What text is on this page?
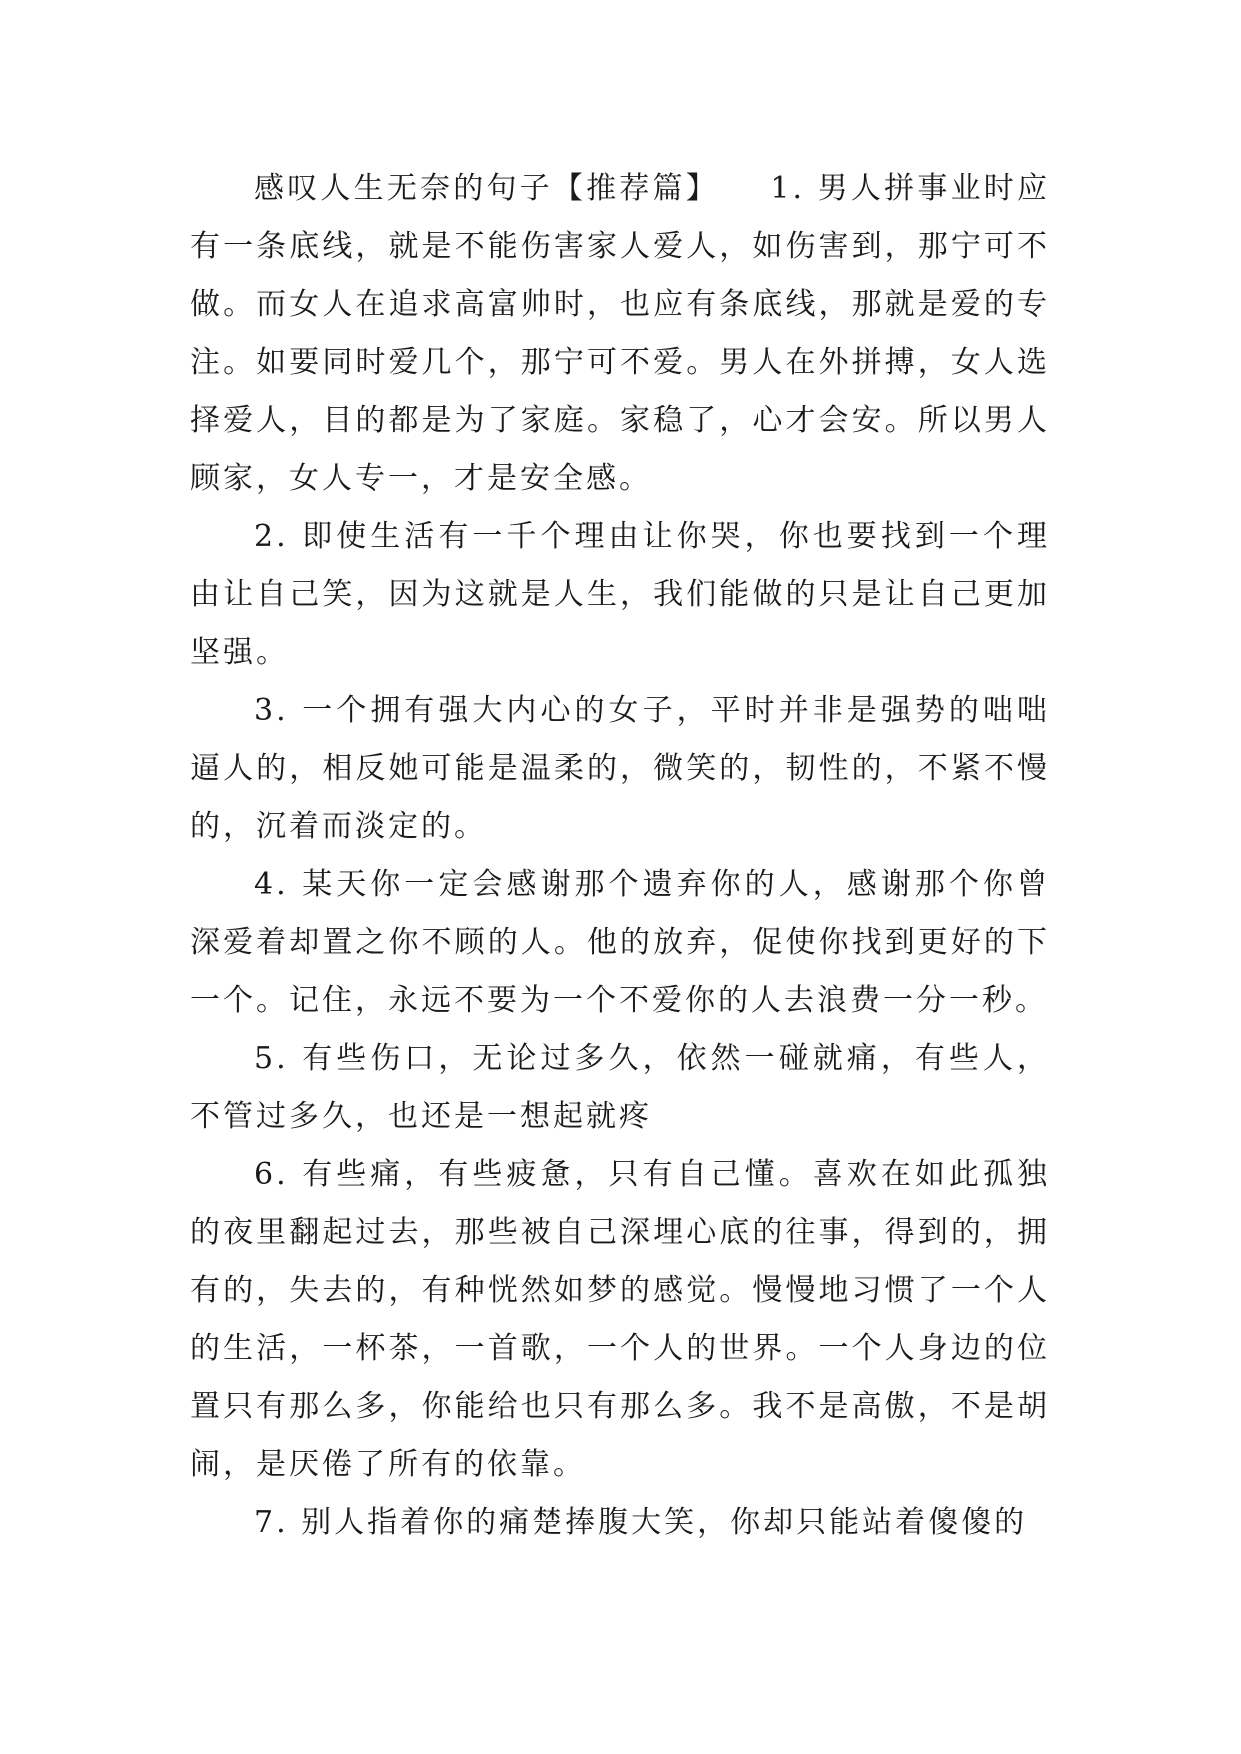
感叹人生无奈的句子【推荐篇】　　1. 男人拼事业时应有一条底线，就是不能伤害家人爱人，如伤害到，那宁可不做。而女人在追求高富帅时，也应有条底线，那就是爱的专注。如要同时爱几个，那宁可不爱。男人在外拼搏，女人选择爱人，目的都是为了家庭。家稳了，心才会安。所以男人顾家，女人专一，才是安全感。

2. 即使生活有一千个理由让你哭，你也要找到一个理由让自己笑，因为这就是人生，我们能做的只是让自己更加坚强。

3. 一个拥有强大内心的女子，平时并非是强势的咄咄逼人的，相反她可能是温柔的，微笑的，韧性的，不紧不慢的，沉着而淡定的。

4. 某天你一定会感谢那个遗弃你的人，感谢那个你曾深爱着却置之你不顾的人。他的放弃，促使你找到更好的下一个。记住，永远不要为一个不爱你的人去浪费一分一秒。

5. 有些伤口，无论过多久，依然一碰就痛，有些人，不管过多久，也还是一想起就疼

6. 有些痛，有些疲惫，只有自己懂。喜欢在如此孤独的夜里翻起过去，那些被自己深埋心底的往事，得到的，拥有的，失去的，有种恍然如梦的感觉。慢慢地习惯了一个人的生活，一杯茶，一首歌，一个人的世界。一个人身边的位置只有那么多，你能给也只有那么多。我不是高傲，不是胡闹，是厌倦了所有的依靠。

7. 别人指着你的痛楚捧腹大笑，你却只能站着傻傻的
